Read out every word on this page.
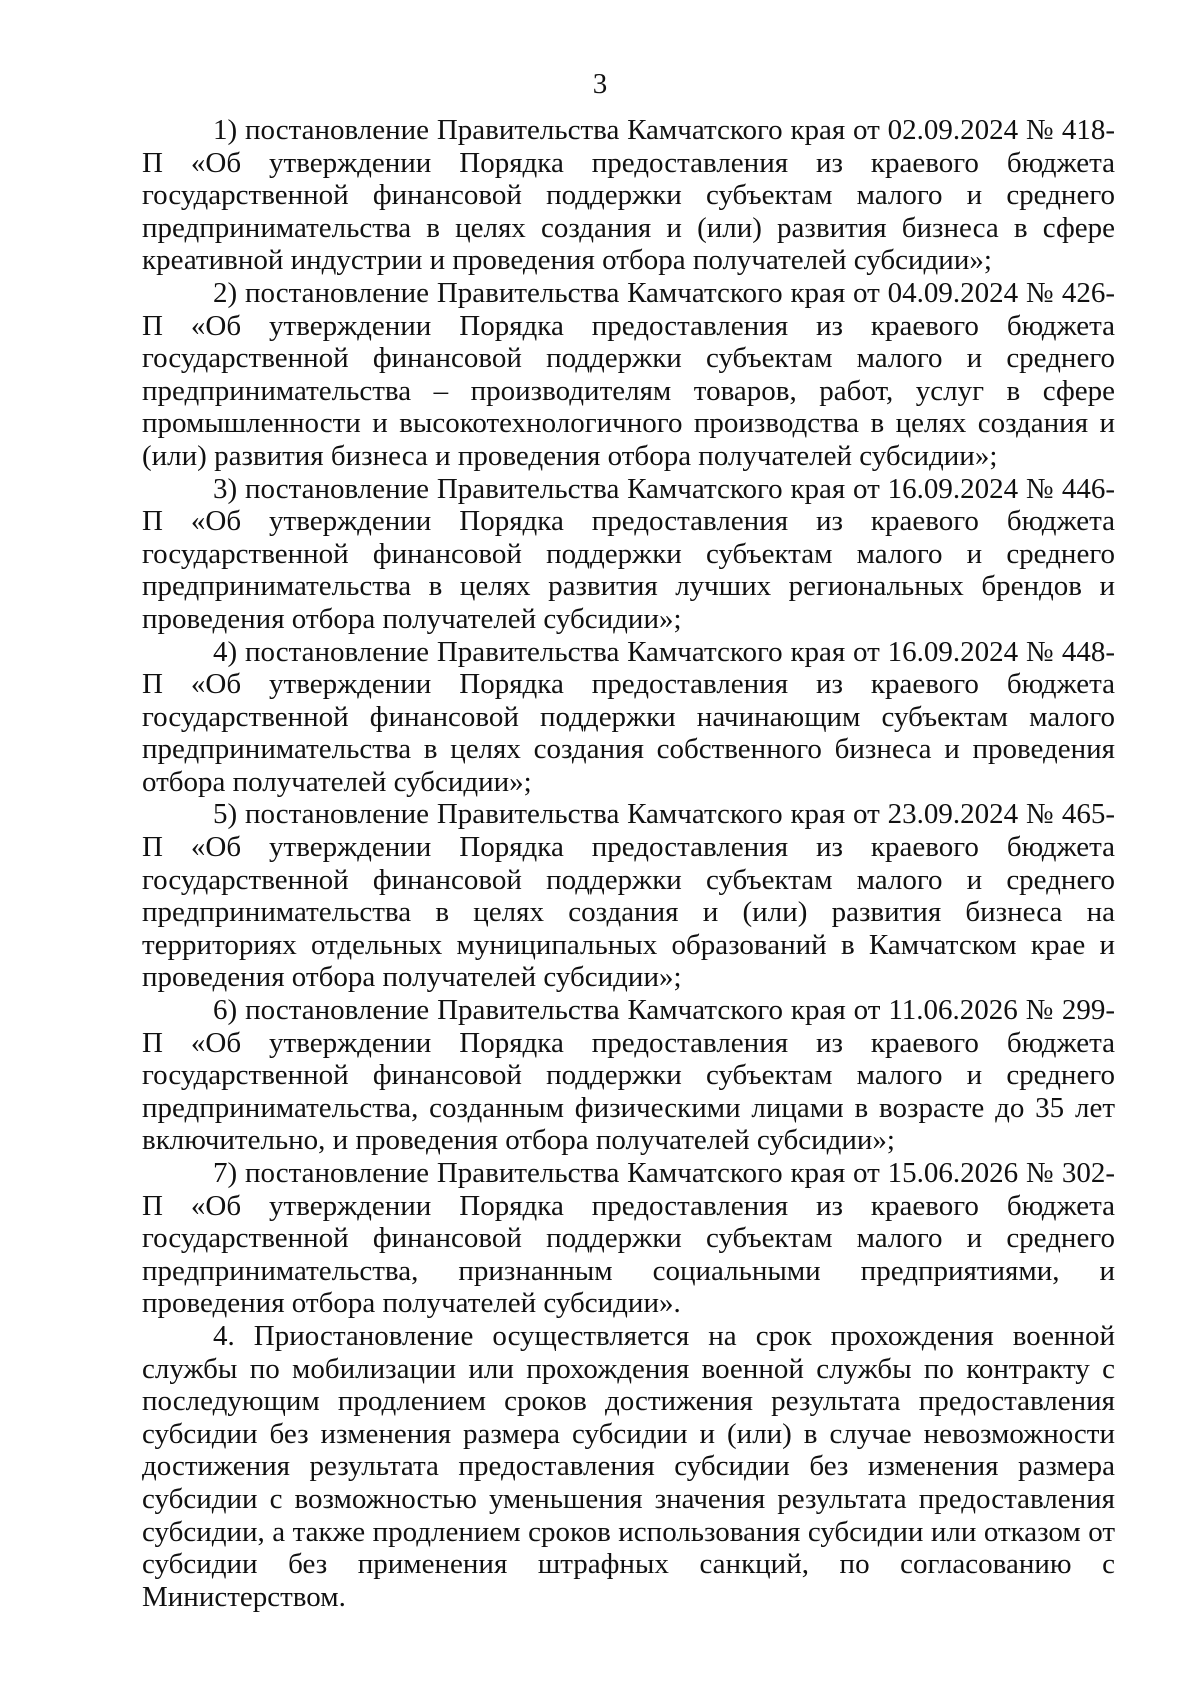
3

1) постановление Правительства Камчатского края от 02.09.2024 № 418-П «Об утверждении Порядка предоставления из краевого бюджета государственной финансовой поддержки субъектам малого и среднего предпринимательства в целях создания и (или) развития бизнеса в сфере креативной индустрии и проведения отбора получателей субсидии»;

2) постановление Правительства Камчатского края от 04.09.2024 № 426-П «Об утверждении Порядка предоставления из краевого бюджета государственной финансовой поддержки субъектам малого и среднего предпринимательства – производителям товаров, работ, услуг в сфере промышленности и высокотехнологичного производства в целях создания и (или) развития бизнеса и проведения отбора получателей субсидии»;

3) постановление Правительства Камчатского края от 16.09.2024 № 446-П «Об утверждении Порядка предоставления из краевого бюджета государственной финансовой поддержки субъектам малого и среднего предпринимательства в целях развития лучших региональных брендов и проведения отбора получателей субсидии»;

4) постановление Правительства Камчатского края от 16.09.2024 № 448-П «Об утверждении Порядка предоставления из краевого бюджета государственной финансовой поддержки начинающим субъектам малого предпринимательства в целях создания собственного бизнеса и проведения отбора получателей субсидии»;

5) постановление Правительства Камчатского края от 23.09.2024 № 465-П «Об утверждении Порядка предоставления из краевого бюджета государственной финансовой поддержки субъектам малого и среднего предпринимательства в целях создания и (или) развития бизнеса на территориях отдельных муниципальных образований в Камчатском крае и проведения отбора получателей субсидии»;

6) постановление Правительства Камчатского края от 11.06.2026 № 299-П «Об утверждении Порядка предоставления из краевого бюджета государственной финансовой поддержки субъектам малого и среднего предпринимательства, созданным физическими лицами в возрасте до 35 лет включительно, и проведения отбора получателей субсидии»;

7) постановление Правительства Камчатского края от 15.06.2026 № 302-П «Об утверждении Порядка предоставления из краевого бюджета государственной финансовой поддержки субъектам малого и среднего предпринимательства, признанным социальными предприятиями, и проведения отбора получателей субсидии».

4. Приостановление осуществляется на срок прохождения военной службы по мобилизации или прохождения военной службы по контракту с последующим продлением сроков достижения результата предоставления субсидии без изменения размера субсидии и (или) в случае невозможности достижения результата предоставления субсидии без изменения размера субсидии с возможностью уменьшения значения результата предоставления субсидии, а также продлением сроков использования субсидии или отказом от субсидии без применения штрафных санкций, по согласованию с Министерством.
